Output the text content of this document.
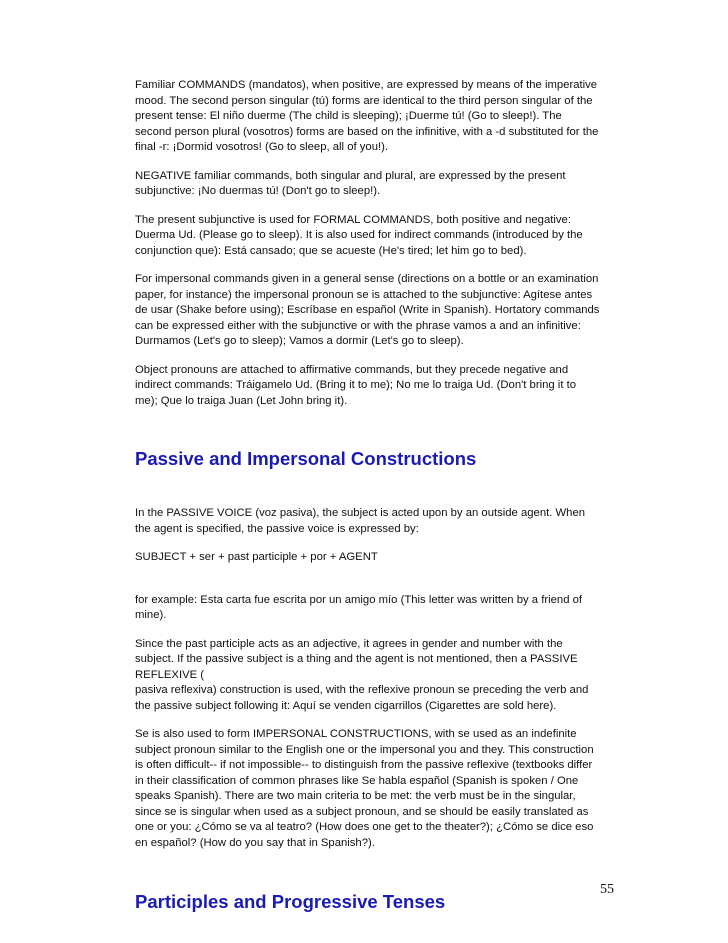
Familiar COMMANDS (mandatos), when positive, are expressed by means of the imperative
mood. The second person singular (tú) forms are identical to the third person singular of the
present tense: El niño duerme (The child is sleeping); ¡Duerme tú! (Go to sleep!). The
second person plural (vosotros) forms are based on the infinitive, with a -d substituted for the
final -r: ¡Dormid vosotros! (Go to sleep, all of you!).

NEGATIVE familiar commands, both singular and plural, are expressed by the present
subjunctive: ¡No duermas tú! (Don't go to sleep!).

The present subjunctive is used for FORMAL COMMANDS, both positive and negative:
Duerma Ud. (Please go to sleep). It is also used for indirect commands (introduced by the
conjunction que): Está cansado; que se acueste (He's tired; let him go to bed).

For impersonal commands given in a general sense (directions on a bottle or an examination
paper, for instance) the impersonal pronoun se is attached to the subjunctive: Agítese antes
de usar (Shake before using); Escríbase en español (Write in Spanish). Hortatory commands
can be expressed either with the subjunctive or with the phrase vamos a and an infinitive:
Durmamos (Let's go to sleep); Vamos a dormir (Let's go to sleep).

Object pronouns are attached to affirmative commands, but they precede negative and
indirect commands: Tráigamelo Ud. (Bring it to me); No me lo traiga Ud. (Don't bring it to
me); Que lo traiga Juan (Let John bring it).

Passive and Impersonal Constructions

In the PASSIVE VOICE (voz pasiva), the subject is acted upon by an outside agent. When
the agent is specified, the passive voice is expressed by:

SUBJECT + ser + past participle + por + AGENT

for example: Esta carta fue escrita por un amigo mío (This letter was written by a friend of
mine).

Since the past participle acts as an adjective, it agrees in gender and number with the
subject. If the passive subject is a thing and the agent is not mentioned, then a PASSIVE
REFLEXIVE (
pasiva reflexiva) construction is used, with the reflexive pronoun se preceding the verb and
the passive subject following it: Aquí se venden cigarrillos (Cigarettes are sold here).

Se is also used to form IMPERSONAL CONSTRUCTIONS, with se used as an indefinite
subject pronoun similar to the English one or the impersonal you and they. This construction
is often difficult-- if not impossible-- to distinguish from the passive reflexive (textbooks differ
in their classification of common phrases like Se habla español (Spanish is spoken / One
speaks Spanish). There are two main criteria to be met: the verb must be in the singular,
since se is singular when used as a subject pronoun, and se should be easily translated as
one or you: ¿Cómo se va al teatro? (How does one get to the theater?); ¿Cómo se dice eso
en español? (How do you say that in Spanish?).

Participles and Progressive Tenses
55
